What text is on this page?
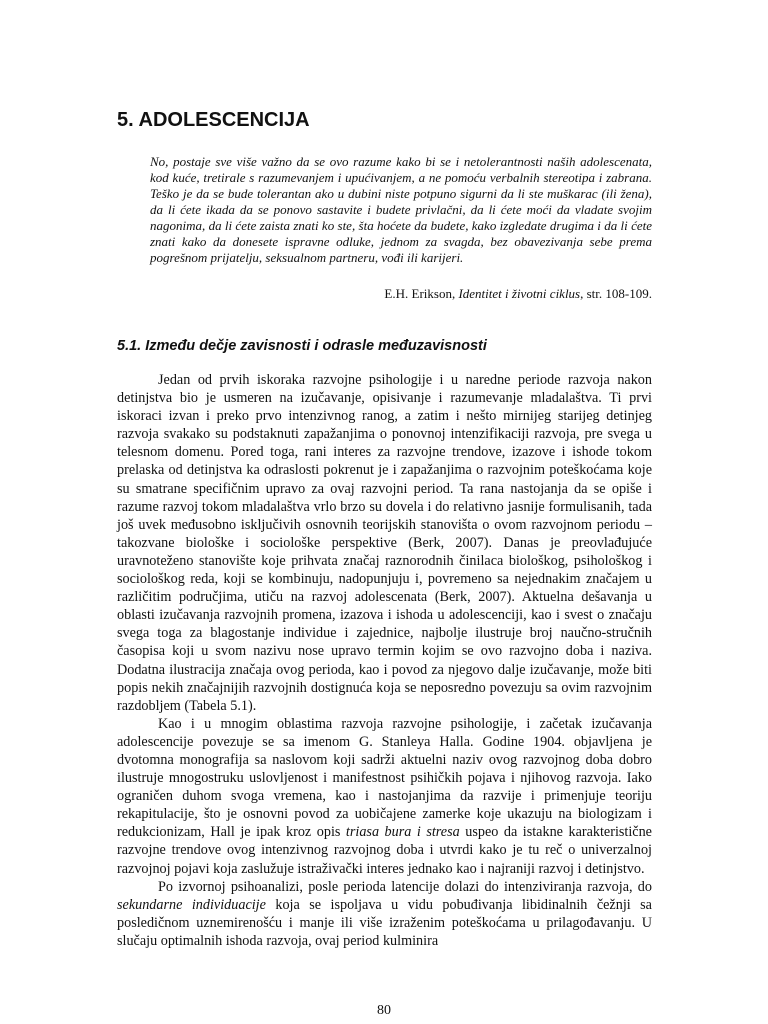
5. ADOLESCENCIJA

No, postaje sve više važno da se ovo razume kako bi se i netolerantnosti naših adolescenata, kod kuće, tretirale s razumevanjem i upućivanjem, a ne pomoću verbalnih stereotipa i zabrana. Teško je da se bude tolerantan ako u dubini niste potpuno sigurni da li ste muškarac (ili žena), da li ćete ikada da se ponovo sastavite i budete privlačni, da li ćete moći da vladate svojim nagonima, da li ćete zaista znati ko ste, šta hoćete da budete, kako izgledate drugima i da li ćete znati kako da donesete ispravne odluke, jednom za svagda, bez obavezivanja sebe prema pogrešnom prijatelju, seksualnom partneru, vođi ili karijeri.

E.H. Erikson, Identitet i životni ciklus, str. 108-109.

5.1. Između dečje zavisnosti i odrasle međuzavisnosti

Jedan od prvih iskoraka razvojne psihologije i u naredne periode razvoja nakon detinjstva bio je usmeren na izučavanje, opisivanje i razumevanje mladalaštva. Ti prvi iskoraci izvan i preko prvo intenzivnog ranog, a zatim i nešto mirnijeg starijeg detinjeg razvoja svakako su podstaknuti zapažanjima o ponovnoj intenzifikaciji razvoja, pre svega u telesnom domenu. Pored toga, rani interes za razvojne trendove, izazove i ishode tokom prelaska od detinjstva ka odraslosti pokrenut je i zapažanjima o razvojnim poteškoćama koje su smatrane specifičnim upravo za ovaj razvojni period. Ta rana nastojanja da se opiše i razume razvoj tokom mladalaštva vrlo brzo su dovela i do relativno jasnije formulisanih, tada još uvek međusobno isključivih osnovnih teorijskih stanovišta o ovom razvojnom periodu – takozvane biološke i sociološke perspektive (Berk, 2007). Danas je preovlađujuće uravnoteženo stanovište koje prihvata značaj raznorodnih činilaca biološkog, psihološkog i sociološkog reda, koji se kombinuju, nadopunjuju i, povremeno sa nejednakim značajem u različitim područjima, utiču na razvoj adolescenata (Berk, 2007). Aktuelna dešavanja u oblasti izučavanja razvojnih promena, izazova i ishoda u adolescenciji, kao i svest o značaju svega toga za blagostanje individue i zajednice, najbolje ilustruje broj naučno-stručnih časopisa koji u svom nazivu nose upravo termin kojim se ovo razvojno doba i naziva. Dodatna ilustracija značaja ovog perioda, kao i povod za njegovo dalje izučavanje, može biti popis nekih značajnijih razvojnih dostignuća koja se neposredno povezuju sa ovim razvojnim razdobljem (Tabela 5.1).

Kao i u mnogim oblastima razvoja razvojne psihologije, i začetak izučavanja adolescencije povezuje se sa imenom G. Stanleya Halla. Godine 1904. objavljena je dvotomna monografija sa naslovom koji sadrži aktuelni naziv ovog razvojnog doba dobro ilustruje mnogostruku uslovljenost i manifestnost psihičkih pojava i njihovog razvoja. Iako ograničen duhom svoga vremena, kao i nastojanjima da razvije i primenjuje teoriju rekapitulacije, što je osnovni povod za uobičajene zamerke koje ukazuju na biologizam i redukcionizam, Hall je ipak kroz opis triasa bura i stresa uspeo da istakne karakteristične razvojne trendove ovog intenzivnog razvojnog doba i utvrdi kako je tu reč o univerzalnoj razvojnoj pojavi koja zaslužuje istraživački interes jednako kao i najraniji razvoj i detinjstvo.

Po izvornoj psihoanalizi, posle perioda latencije dolazi do intenziviranja razvoja, do sekundarne individuacije koja se ispoljava u vidu pobuđivanja libidinalnih čežnji sa posledičnom uznemirenošću i manje ili više izraženim poteškoćama u prilagođavanju. U slučaju optimalnih ishoda razvoja, ovaj period kulminira

80
